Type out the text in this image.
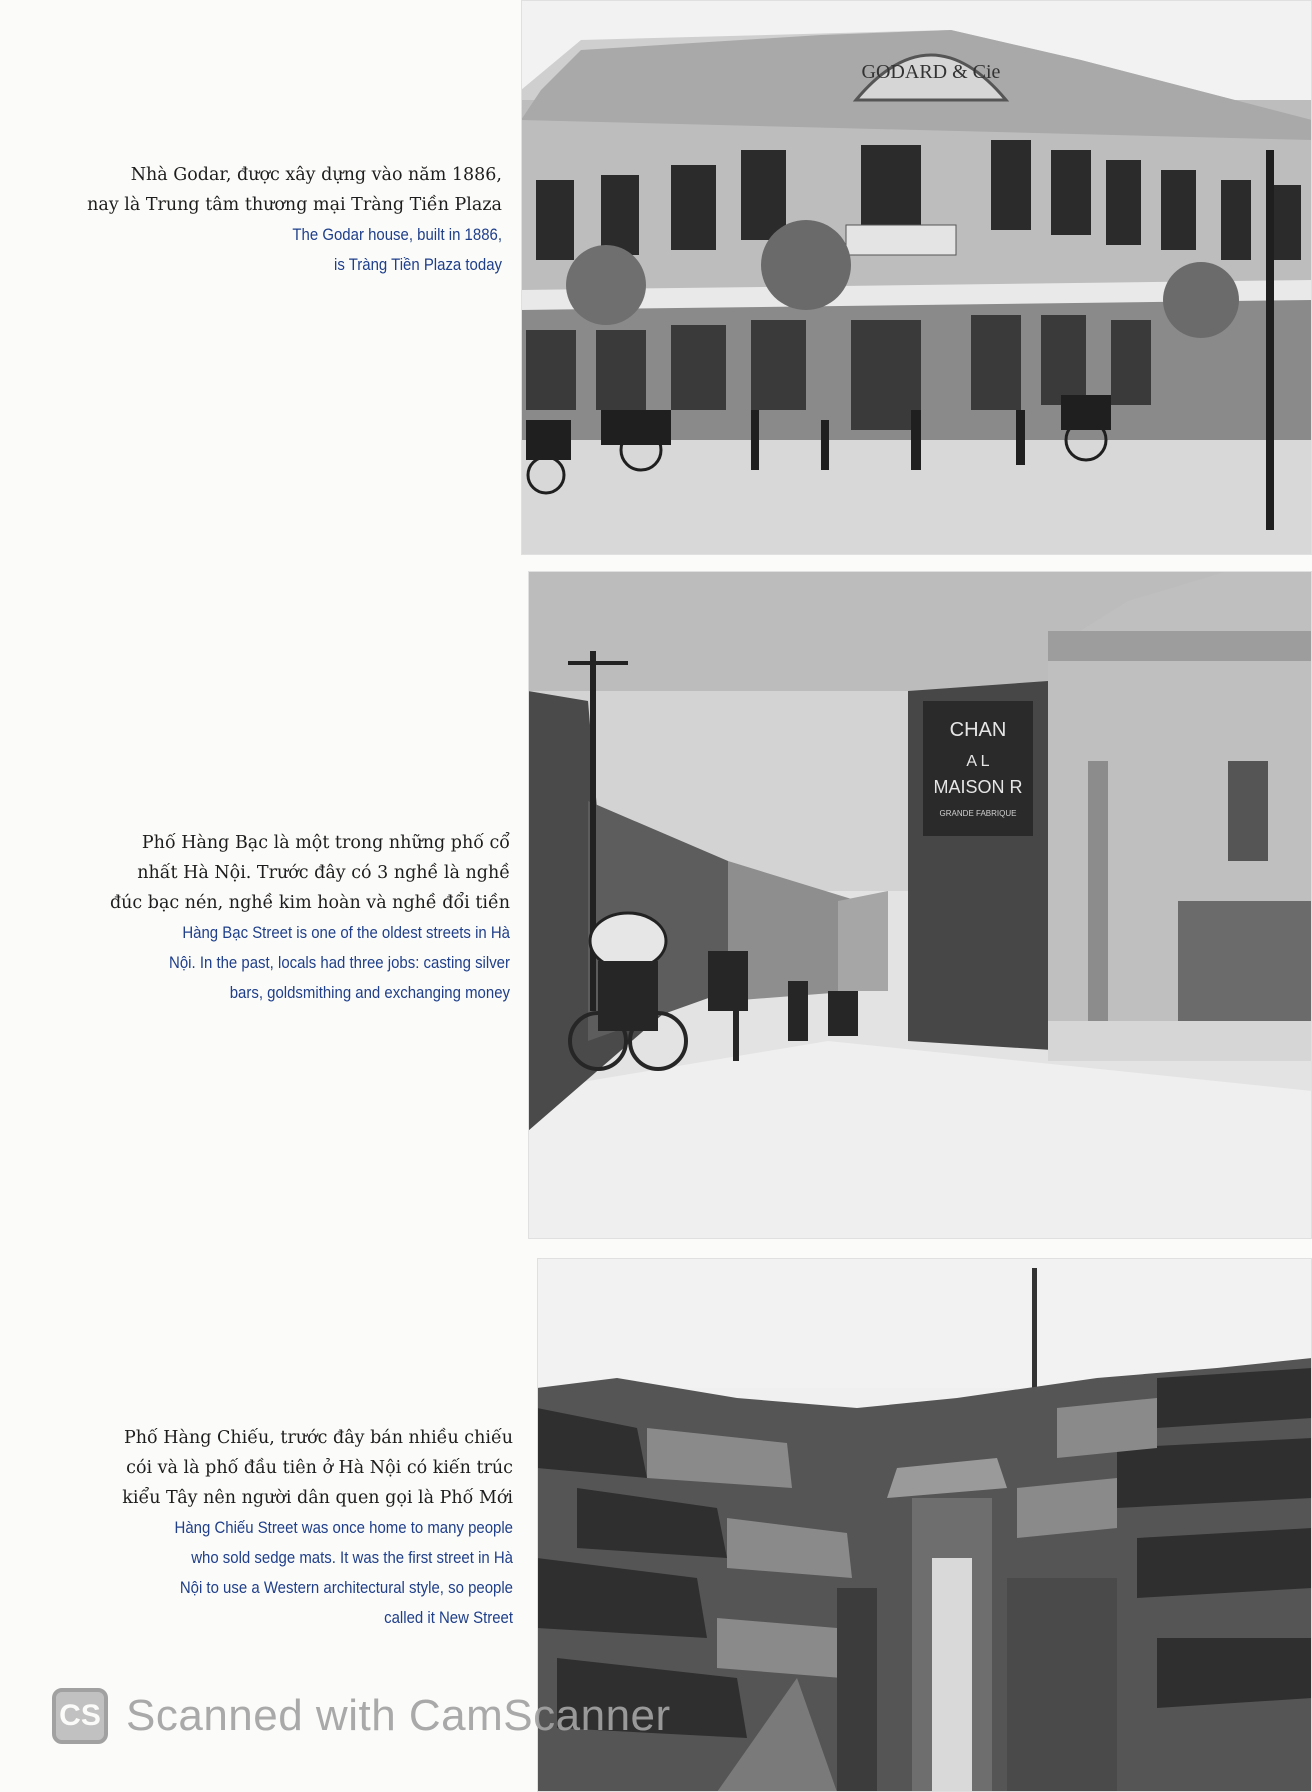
Nhà Godar, được xây dựng vào năm 1886,

nay là Trung tâm thương mại Tràng Tiền Plaza

The Godar house, built in 1886,

is Tràng Tiền Plaza today

Phố Hàng Bạc là một trong những phố cổ

nhất Hà Nội. Trước đây có 3 nghề là nghề

đúc bạc nén, nghề kim hoàn và nghề đổi tiền

Hàng Bạc Street is one of the oldest streets in Hà

Nội. In the past, locals had three jobs: casting silver

bars, goldsmithing and exchanging money

Phố Hàng Chiếu, trước đây bán nhiều chiếu

cói và là phố đầu tiên ở Hà Nội có kiến trúc

kiểu Tây nên người dân quen gọi là Phố Mới

Hàng Chiếu Street was once home to many people

who sold sedge mats. It was the first street in Hà

Nội to use a Western architectural style, so people

called it New Street

GODARD & Cie
CHAN
A L
MAISON R
GRANDE FABRIQUE
CS Scanned with CamScanner
